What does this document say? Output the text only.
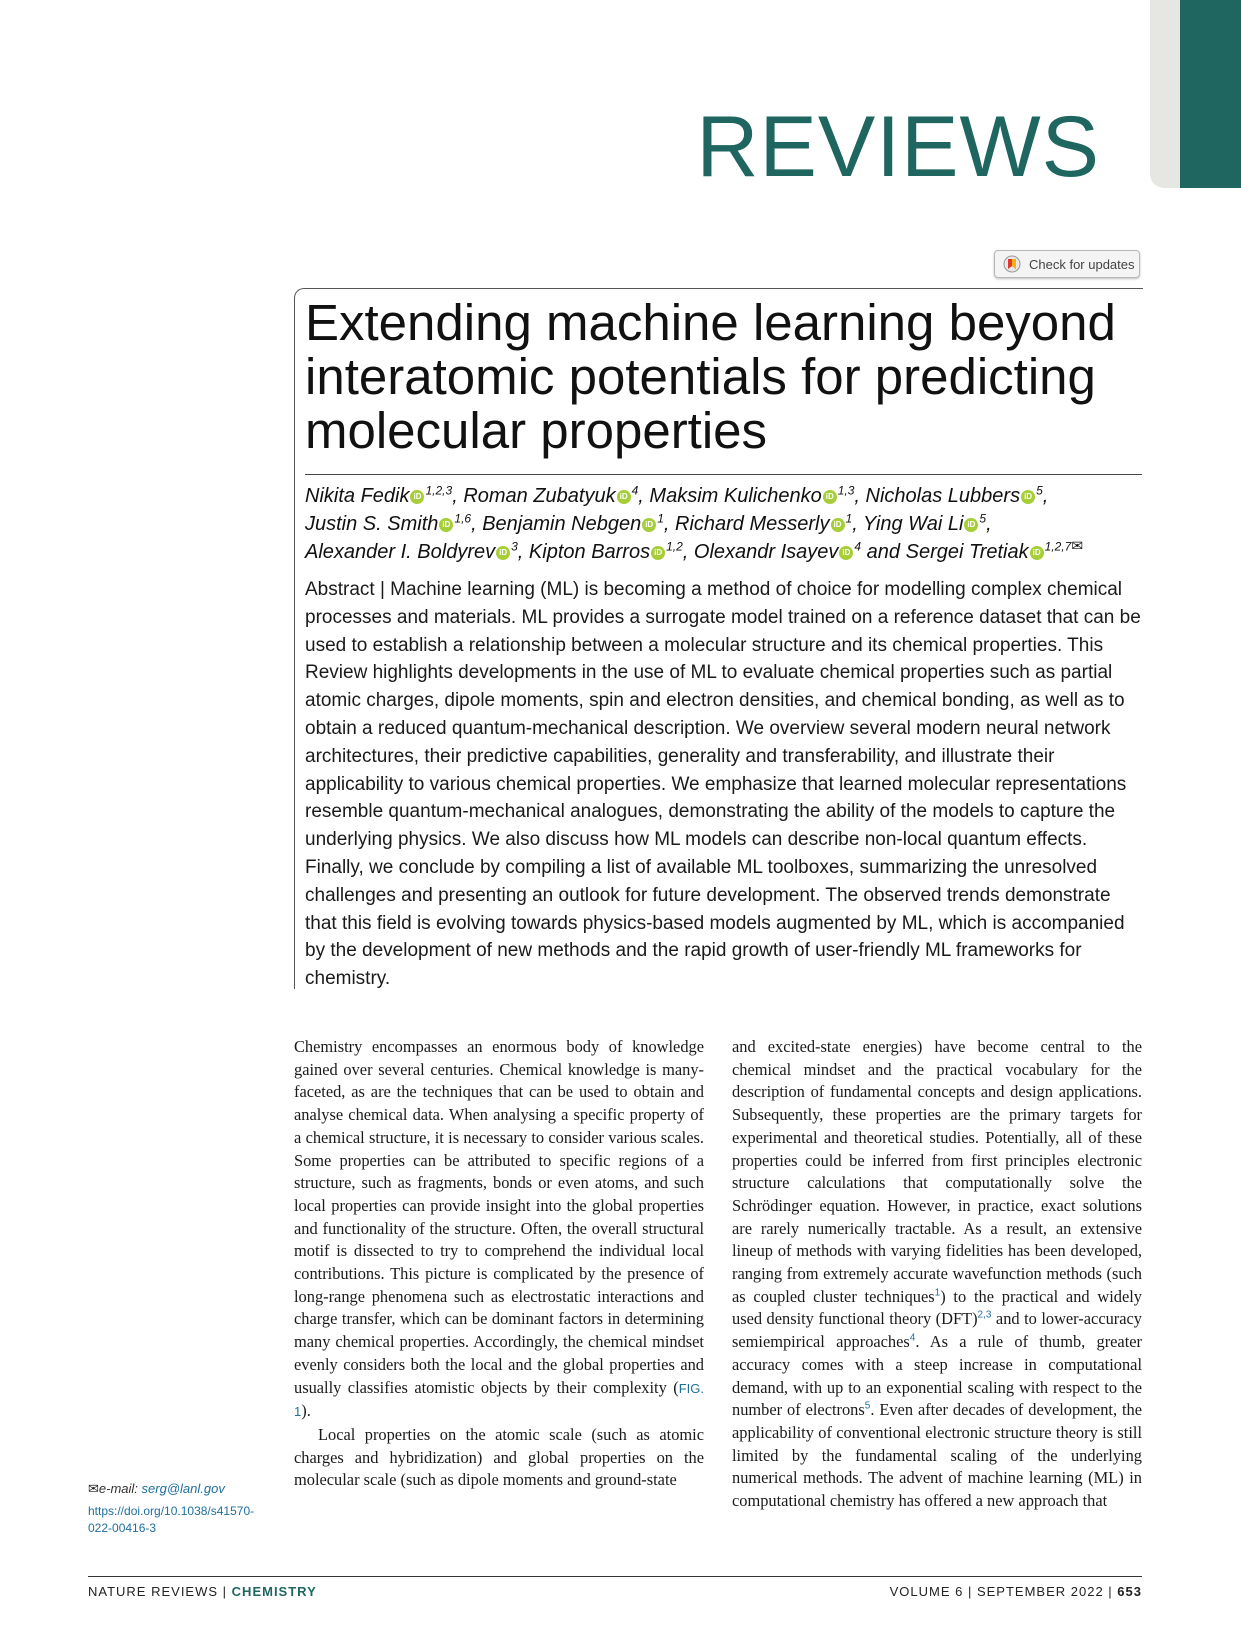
REVIEWS
Check for updates
Extending machine learning beyond interatomic potentials for predicting molecular properties
Nikita Fedik iD $^{1,2,3}$, Roman Zubatyuk iD $^4$, Maksim Kulichenko iD $^{1,3}$, Nicholas Lubbers iD $^5$, Justin S. Smith iD $^{1,6}$, Benjamin Nebgen iD $^1$, Richard Messerly iD $^1$, Ying Wai Li iD $^5$, Alexander I. Boldyrev iD $^3$, Kipton Barros iD $^{1,2}$, Olexandr Isayev iD $^4$ and Sergei Tretiak iD $^{1,2,7✉}$

Abstract | Machine learning (ML) is becoming a method of choice for modelling complex chemical processes and materials. ML provides a surrogate model trained on a reference dataset that can be used to establish a relationship between a molecular structure and its chemical properties. This Review highlights developments in the use of ML to evaluate chemical properties such as partial atomic charges, dipole moments, spin and electron densities, and chemical bonding, as well as to obtain a reduced quantum-mechanical description. We overview several modern neural network architectures, their predictive capabilities, generality and transferability, and illustrate their applicability to various chemical properties. We emphasize that learned molecular representations resemble quantum-mechanical analogues, demonstrating the ability of the models to capture the underlying physics. We also discuss how ML models can describe non-local quantum effects. Finally, we conclude by compiling a list of available ML toolboxes, summarizing the unresolved challenges and presenting an outlook for future development. The observed trends demonstrate that this field is evolving towards physics-based models augmented by ML, which is accompanied by the development of new methods and the rapid growth of user-friendly ML frameworks for chemistry.

Chemistry encompasses an enormous body of knowledge gained over several centuries. Chemical knowledge is many-faceted, as are the techniques that can be used to obtain and analyse chemical data. When analysing a specific property of a chemical structure, it is necessary to consider various scales. Some properties can be attributed to specific regions of a structure, such as fragments, bonds or even atoms, and such local properties can provide insight into the global properties and functionality of the structure. Often, the overall structural motif is dissected to try to comprehend the individual local contributions. This picture is complicated by the presence of long-range phenomena such as electrostatic interactions and charge transfer, which can be dominant factors in determining many chemical properties. Accordingly, the chemical mindset evenly considers both the local and the global properties and usually classifies atomistic objects by their complexity (FIG. 1).

Local properties on the atomic scale (such as atomic charges and hybridization) and global properties on the molecular scale (such as dipole moments and ground-state

and excited-state energies) have become central to the chemical mindset and the practical vocabulary for the description of fundamental concepts and design applications. Subsequently, these properties are the primary targets for experimental and theoretical studies. Potentially, all of these properties could be inferred from first principles electronic structure calculations that computationally solve the Schrödinger equation. However, in practice, exact solutions are rarely numerically tractable. As a result, an extensive lineup of methods with varying fidelities has been developed, ranging from extremely accurate wavefunction methods (such as coupled cluster techniques$^1$) to the practical and widely used density functional theory (DFT)$^{2,3}$ and to lower-accuracy semiempirical approaches$^4$. As a rule of thumb, greater accuracy comes with a steep increase in computational demand, with up to an exponential scaling with respect to the number of electrons$^5$. Even after decades of development, the applicability of conventional electronic structure theory is still limited by the fundamental scaling of the underlying numerical methods. The advent of machine learning (ML) in computational chemistry has offered a new approach that

✉e-mail: serg@lanl.gov
https://doi.org/10.1038/s41570-022-00416-3
NATURE REVIEWS | CHEMISTRY	VOLUME 6 | SEPTEMBER 2022 | 653
